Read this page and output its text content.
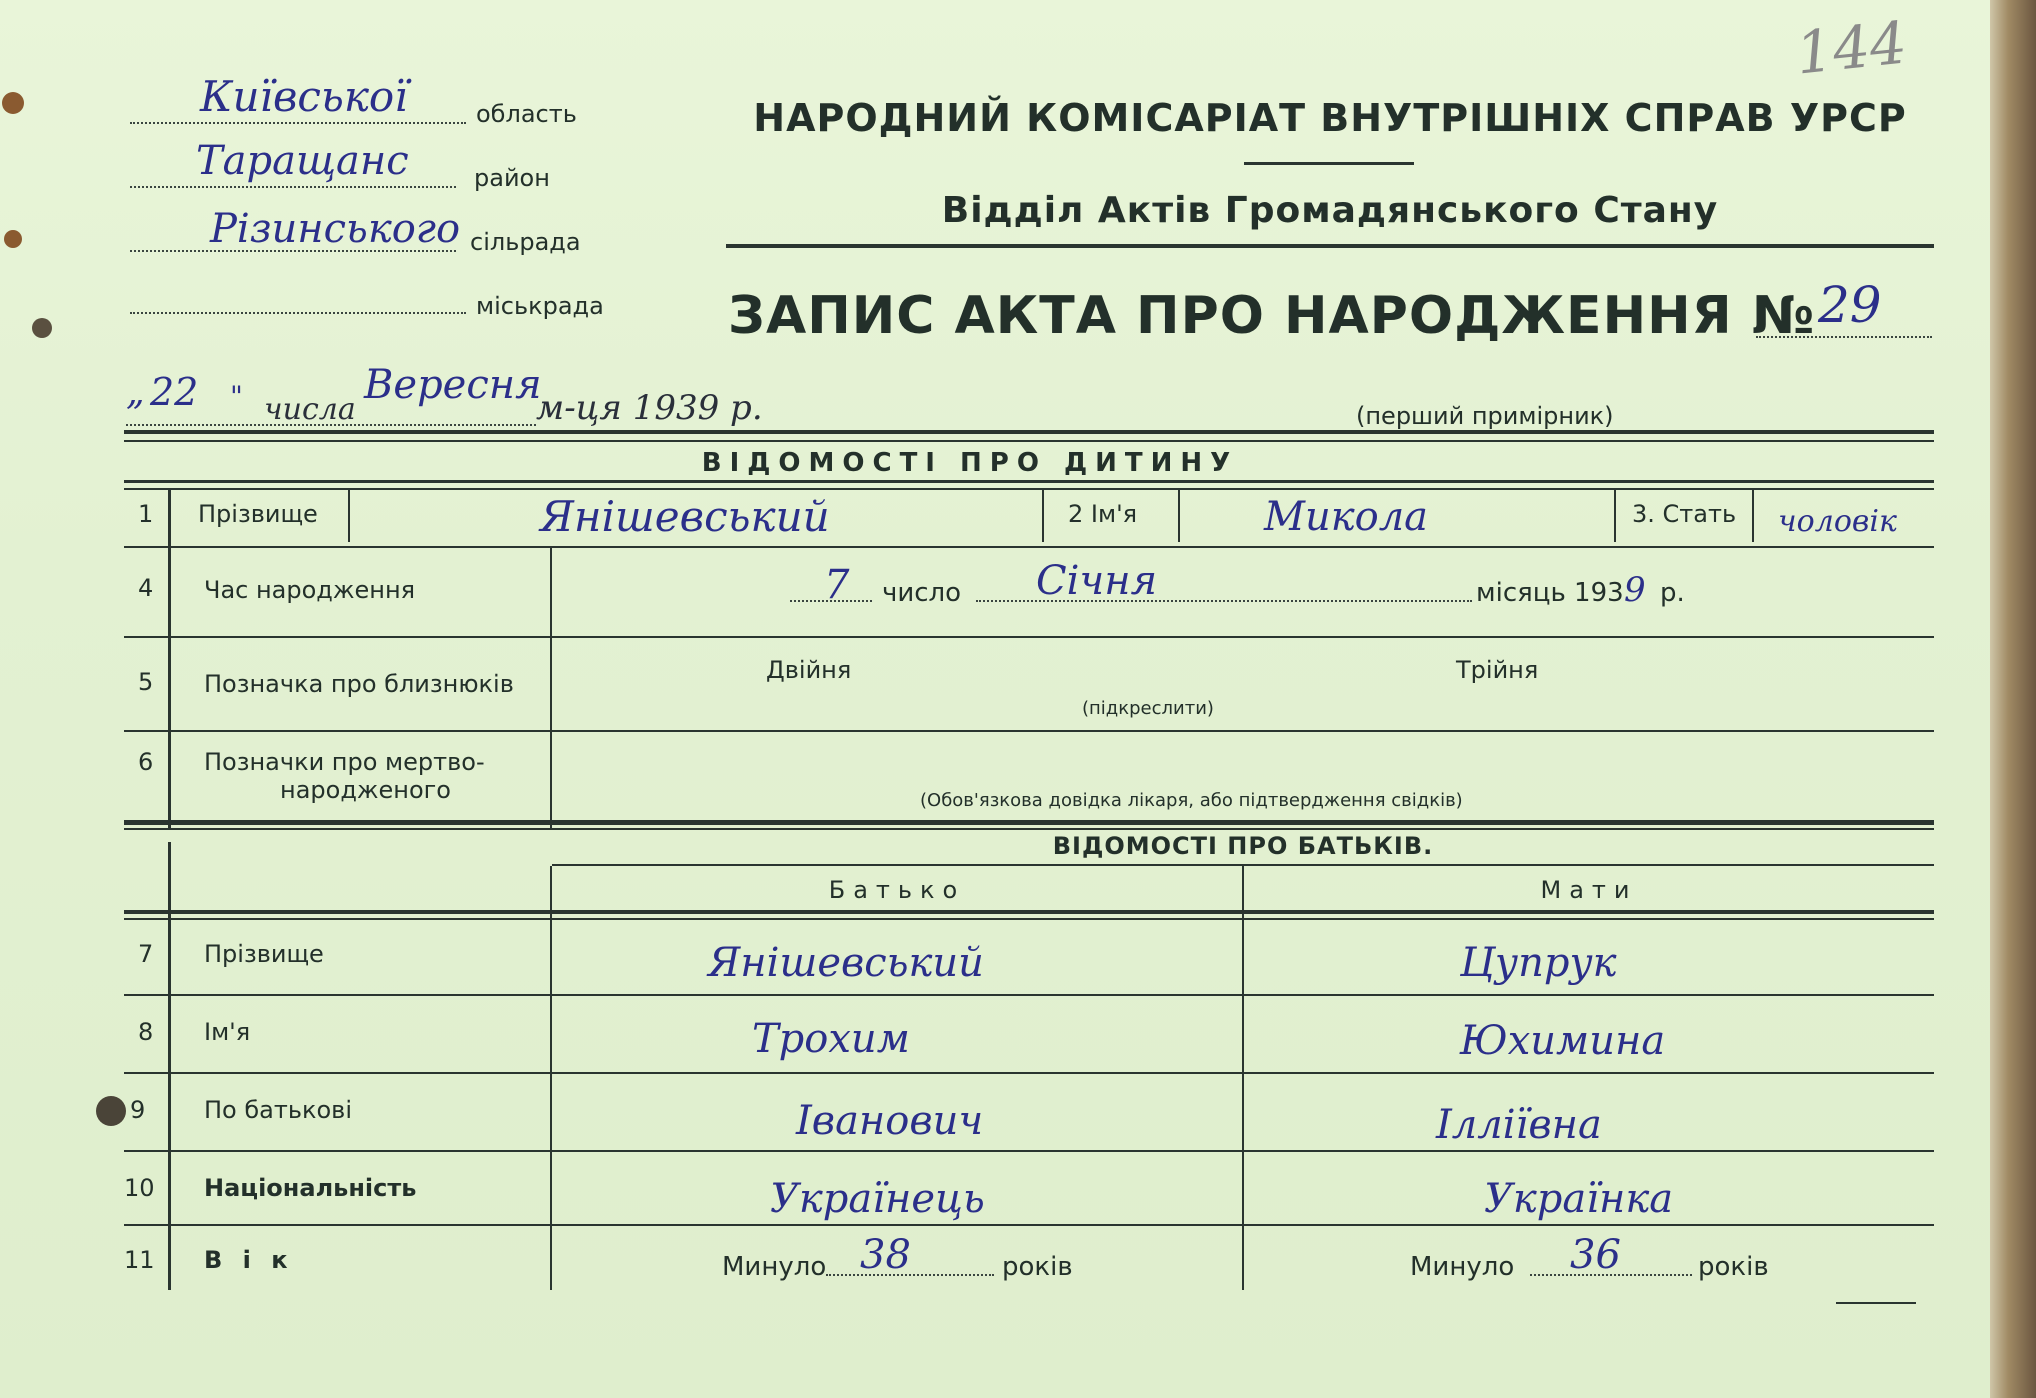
144
Київської	область
Таращанс	район
Різинського сільрада
міськрада
НАРОДНИЙ КОМІСАРІАТ ВНУТРІШНІХ СПРАВ УРСР
Відділ Актів Громадянського Стану
ЗАПИС АКТА ПРО НАРОДЖЕННЯ № 29
„ 22 " числа
Вересня
м-ця 1939 р.	(перший примірник)
ВІДОМОСТІ ПРО ДИТИНУ
1 Прізвище	Янішевський	2 Ім'я	Микола	3. Стать чоловік
4 Час народження	7 число Січня	місяць 193 9 р.
5 Позначка про близнюків	Двійня	Трійня
(підкреслити)
6 Позначки про мертво-
народженого	(Обов'язкова довідка лікаря, або підтвердження свідків)
ВІДОМОСТІ ПРО БАТЬКІВ.
Батько	Мати
7 Прізвище	Янішевський	Цупрук
8 Ім'я	Трохим	Юхимина
9 По батькові	Іванович	Ілліївна
10 Національність	Українець	Українка
11 В і к	Минуло 38	років	Минуло 36	років
